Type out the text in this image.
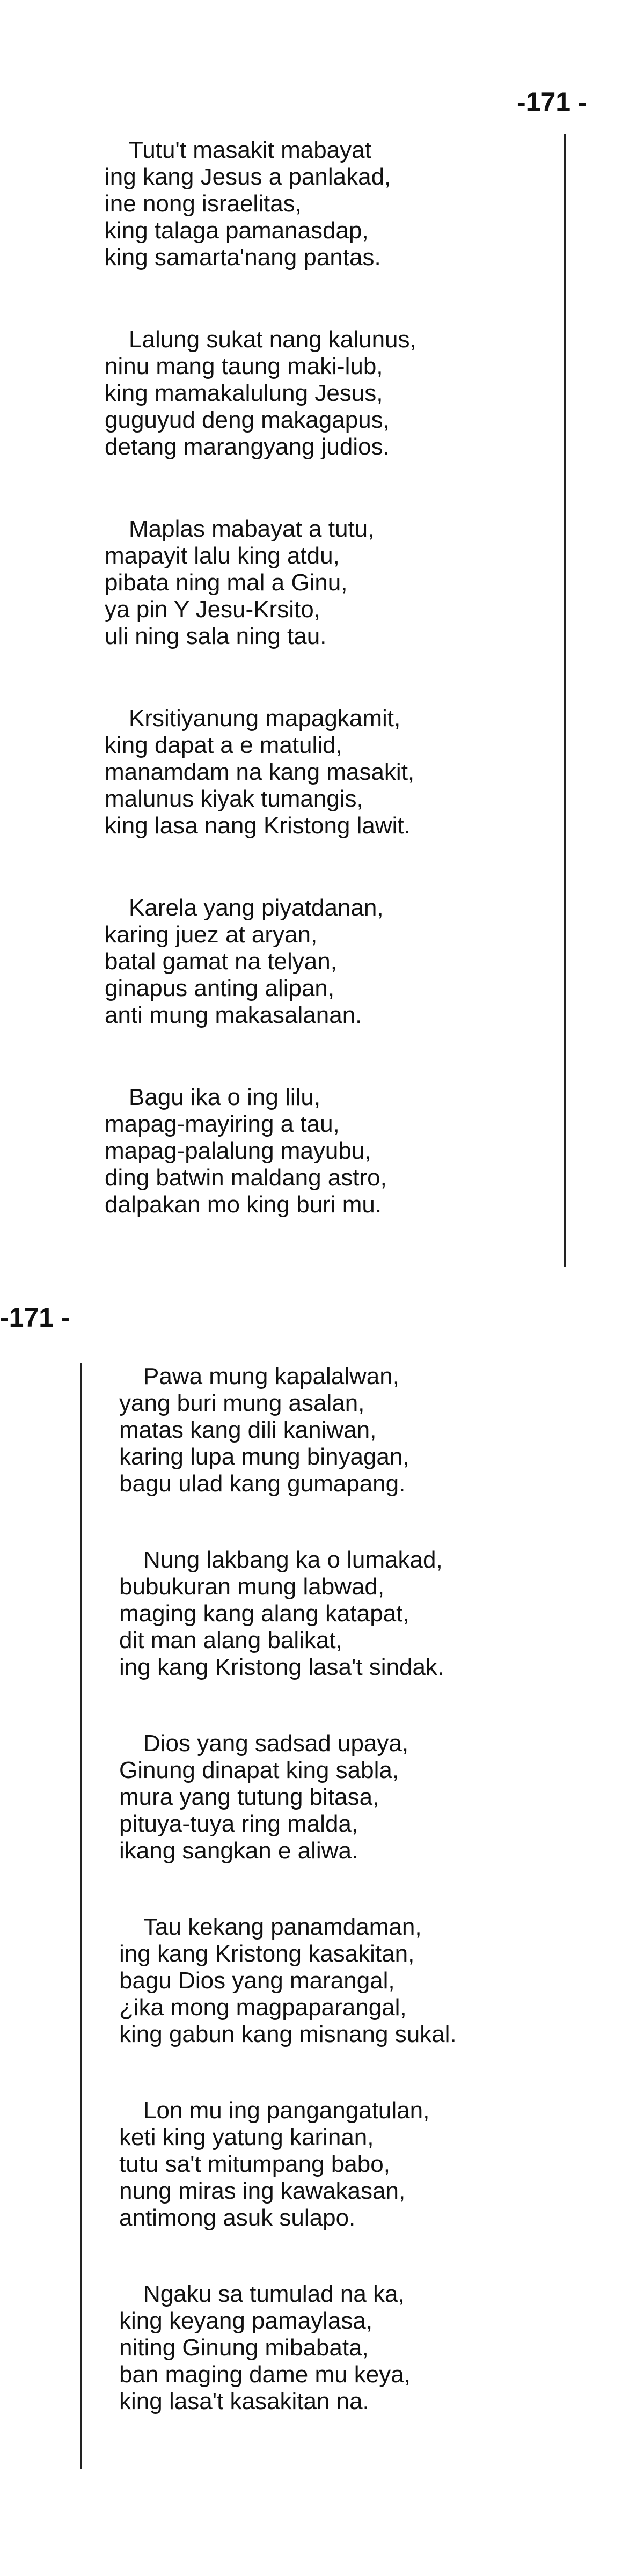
-171 -
Tutu't masakit mabayat
ing kang Jesus a panlakad,
ine nong israelitas,
king talaga pamanasdap,
king samarta'nang pantas.
Lalung sukat nang kalunus,
ninu mang taung maki-lub,
king mamakalulung Jesus,
guguyud deng makagapus,
detang marangyang judios.
Maplas mabayat a tutu,
mapayit lalu king atdu,
pibata ning mal a Ginu,
ya pin Y Jesu-Krsito,
uli ning sala ning tau.
Krsitiyanung mapagkamit,
king dapat a e matulid,
manamdam na kang masakit,
malunus kiyak tumangis,
king lasa nang Kristong lawit.
Karela yang piyatdanan,
karing juez at aryan,
batal gamat na telyan,
ginapus anting alipan,
anti mung makasalanan.
Bagu ika o ing lilu,
mapag-mayiring a tau,
mapag-palalung mayubu,
ding batwin maldang astro,
dalpakan mo king buri mu.
-171 -
Pawa mung kapalalwan,
yang buri mung asalan,
matas kang dili kaniwan,
karing lupa mung binyagan,
bagu ulad kang gumapang.
Nung lakbang ka o lumakad,
bubukuran mung labwad,
maging kang alang katapat,
dit man alang balikat,
ing kang Kristong lasa't sindak.
Dios yang sadsad upaya,
Ginung dinapat king sabla,
mura yang tutung bitasa,
pituya-tuya ring malda,
ikang sangkan e aliwa.
Tau kekang panamdaman,
ing kang Kristong kasakitan,
bagu Dios yang marangal,
¿ika mong magpaparangal,
king gabun kang misnang sukal.
Lon mu ing pangangatulan,
keti king yatung karinan,
tutu sa't mitumpang babo,
nung miras ing kawakasan,
antimong asuk sulapo.
Ngaku sa tumulad na ka,
king keyang pamaylasa,
niting Ginung mibabata,
ban maging dame mu keya,
king lasa't kasakitan na.
